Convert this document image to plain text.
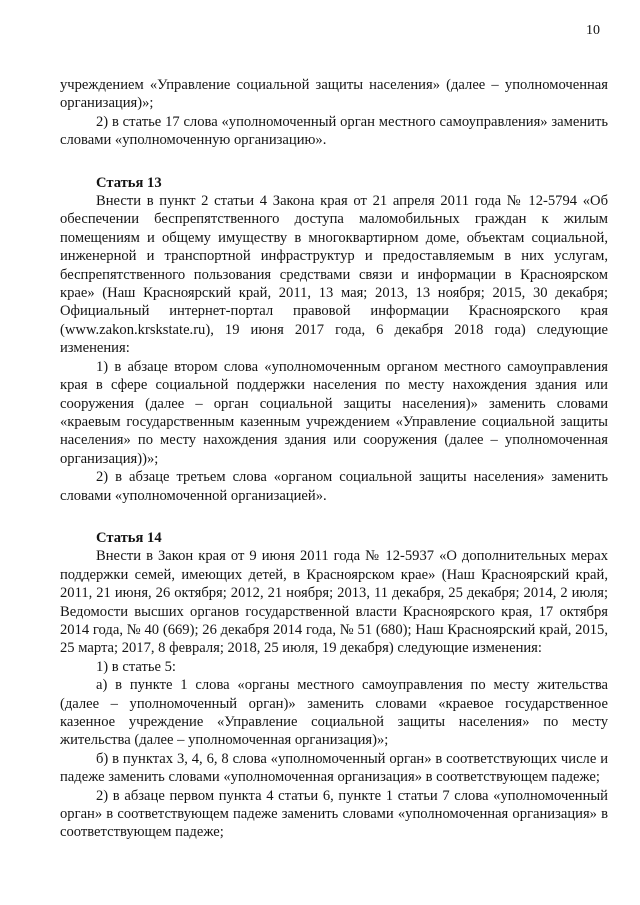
10

учреждением «Управление социальной защиты населения» (далее – уполномоченная организация)»;

2) в статье 17 слова «уполномоченный орган местного самоуправления» заменить словами «уполномоченную организацию».

Статья 13

Внести в пункт 2 статьи 4 Закона края от 21 апреля 2011 года № 12-5794 «Об обеспечении беспрепятственного доступа маломобильных граждан к жилым помещениям и общему имуществу в многоквартирном доме, объектам социальной, инженерной и транспортной инфраструктур и предоставляемым в них услугам, беспрепятственного пользования средствами связи и информации в Красноярском крае» (Наш Красноярский край, 2011, 13 мая; 2013, 13 ноября; 2015, 30 декабря; Официальный интернет-портал правовой информации Красноярского края (www.zakon.krskstate.ru), 19 июня 2017 года, 6 декабря 2018 года) следующие изменения:

1) в абзаце втором слова «уполномоченным органом местного самоуправления края в сфере социальной поддержки населения по месту нахождения здания или сооружения (далее – орган социальной защиты населения)» заменить словами «краевым государственным казенным учреждением «Управление социальной защиты населения» по месту нахождения здания или сооружения (далее – уполномоченная организация))»;

2) в абзаце третьем слова «органом социальной защиты населения» заменить словами «уполномоченной организацией».

Статья 14

Внести в Закон края от 9 июня 2011 года № 12-5937 «О дополнительных мерах поддержки семей, имеющих детей, в Красноярском крае» (Наш Красноярский край, 2011, 21 июня, 26 октября; 2012, 21 ноября; 2013, 11 декабря, 25 декабря; 2014, 2 июля; Ведомости высших органов государственной власти Красноярского края, 17 октября 2014 года, № 40 (669); 26 декабря 2014 года, № 51 (680); Наш Красноярский край, 2015, 25 марта; 2017, 8 февраля; 2018, 25 июля, 19 декабря) следующие изменения:

1) в статье 5:

а) в пункте 1 слова «органы местного самоуправления по месту жительства (далее – уполномоченный орган)» заменить словами «краевое государственное казенное учреждение «Управление социальной защиты населения» по месту жительства (далее – уполномоченная организация)»;

б) в пунктах 3, 4, 6, 8 слова «уполномоченный орган» в соответствующих числе и падеже заменить словами «уполномоченная организация» в соответствующем падеже;

2) в абзаце первом пункта 4 статьи 6, пункте 1 статьи 7 слова «уполномоченный орган» в соответствующем падеже заменить словами «уполномоченная организация» в соответствующем падеже;
